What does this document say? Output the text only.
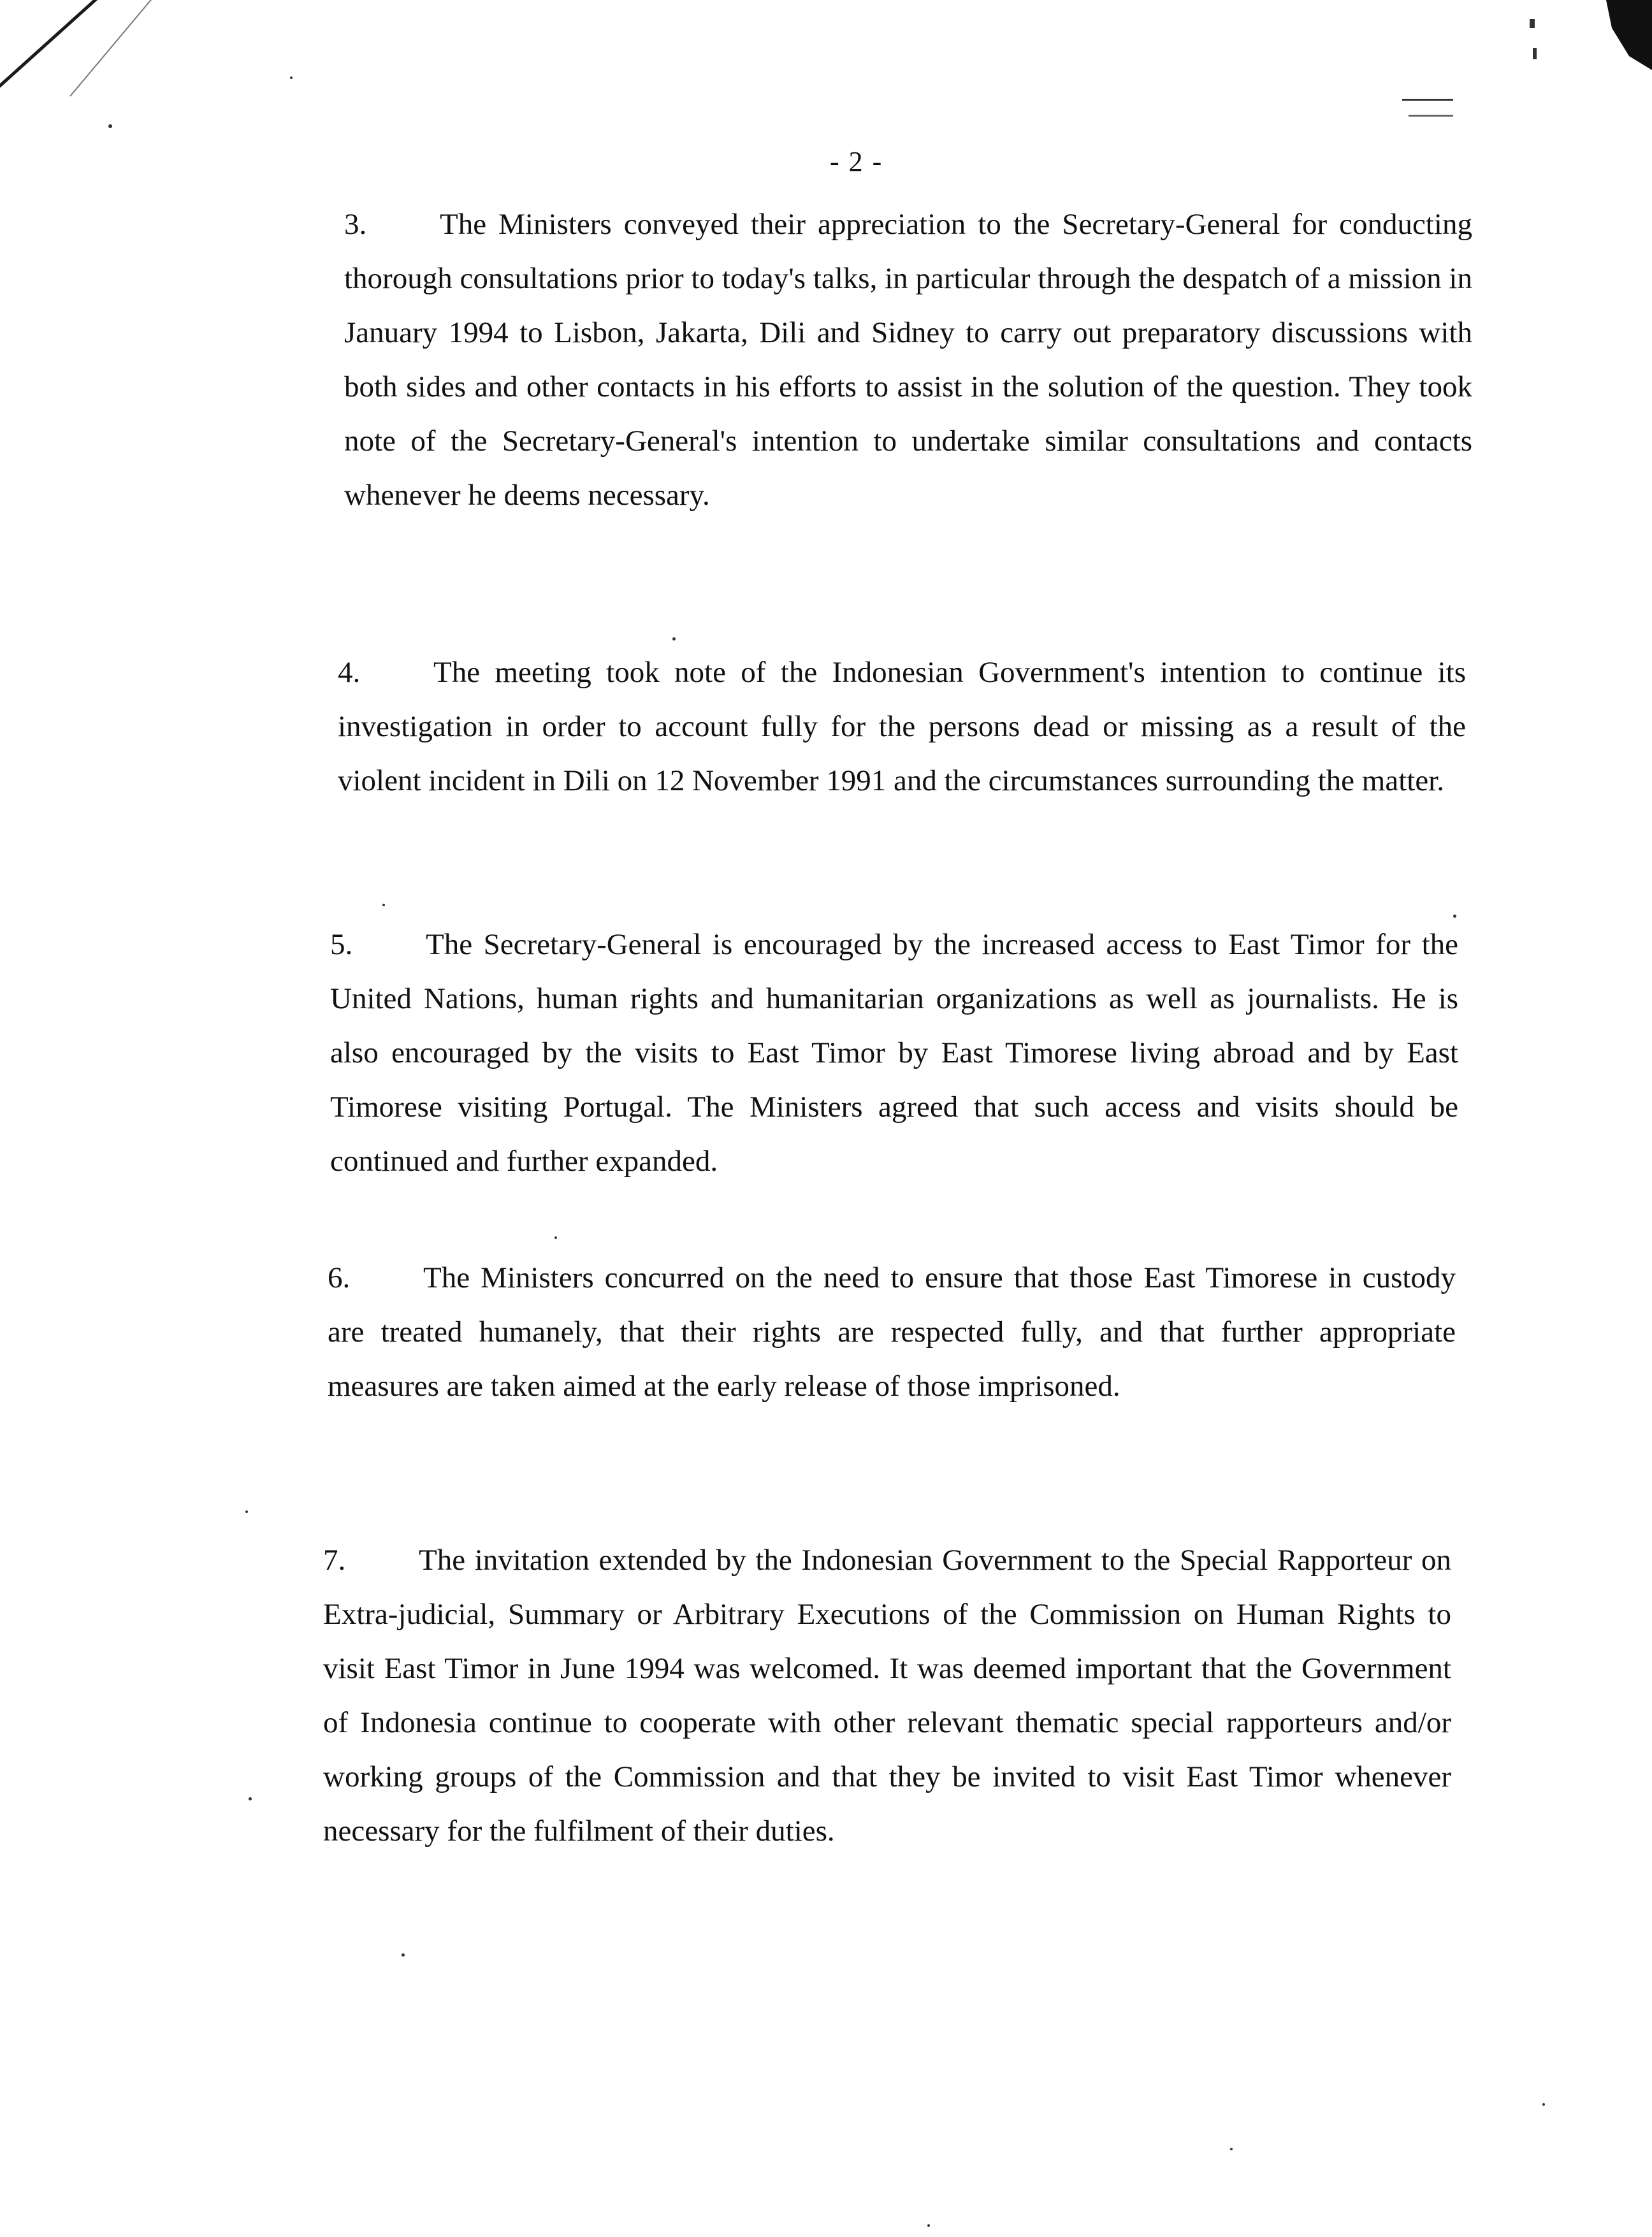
- 2 -
3. The Ministers conveyed their appreciation to the Secretary-General for conducting thorough consultations prior to today's talks, in particular through the despatch of a mission in January 1994 to Lisbon, Jakarta, Dili and Sidney to carry out preparatory discussions with both sides and other contacts in his efforts to assist in the solution of the question. They took note of the Secretary-General's intention to undertake similar consultations and contacts whenever he deems necessary.
4. The meeting took note of the Indonesian Government's intention to continue its investigation in order to account fully for the persons dead or missing as a result of the violent incident in Dili on 12 November 1991 and the circumstances surrounding the matter.
5. The Secretary-General is encouraged by the increased access to East Timor for the United Nations, human rights and humanitarian organizations as well as journalists. He is also encouraged by the visits to East Timor by East Timorese living abroad and by East Timorese visiting Portugal. The Ministers agreed that such access and visits should be continued and further expanded.
6. The Ministers concurred on the need to ensure that those East Timorese in custody are treated humanely, that their rights are respected fully, and that further appropriate measures are taken aimed at the early release of those imprisoned.
7. The invitation extended by the Indonesian Government to the Special Rapporteur on Extra-judicial, Summary or Arbitrary Executions of the Commission on Human Rights to visit East Timor in June 1994 was welcomed. It was deemed important that the Government of Indonesia continue to cooperate with other relevant thematic special rapporteurs and/or working groups of the Commission and that they be invited to visit East Timor whenever necessary for the fulfilment of their duties.
